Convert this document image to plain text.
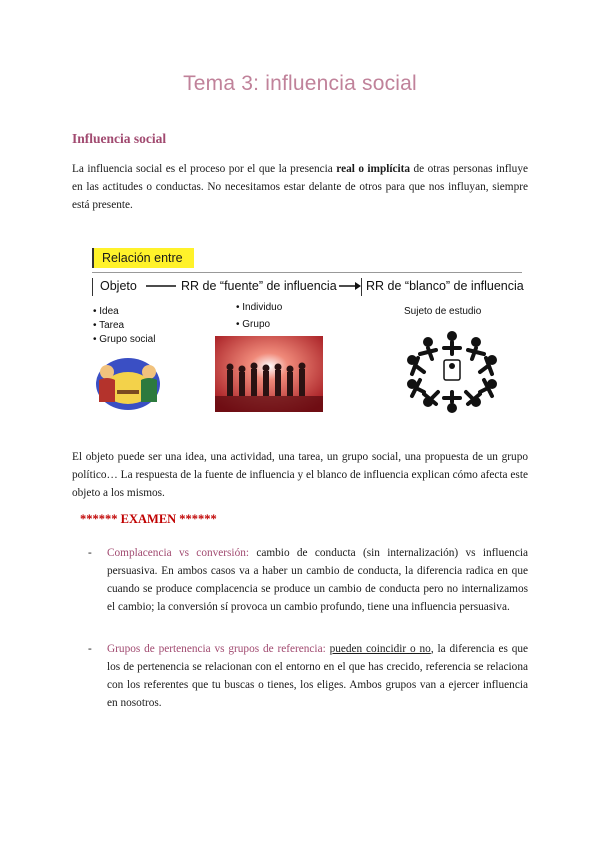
Tema 3: influencia social
Influencia social
La influencia social es el proceso por el que la presencia real o implícita de otras personas influye en las actitudes o conductas. No necesitamos estar delante de otros para que nos influyan, siempre está presente.
Relación entre
Objeto	RR de “fuente” de influencia RR de “blanco” de influencia
• Idea
• Tarea
• Grupo social
• Individuo
• Grupo
Sujeto de estudio
El objeto puede ser una idea, una actividad, una tarea, un grupo social, una propuesta de un grupo político… La respuesta de la fuente de influencia y el blanco de influencia explican cómo afecta este objeto a los mismos.
****** EXAMEN ******
- Complacencia vs conversión: cambio de conducta (sin internalización) vs influencia persuasiva. En ambos casos va a haber un cambio de conducta, la diferencia radica en que cuando se produce complacencia se produce un cambio de conducta pero no internalizamos el cambio; la conversión sí provoca un cambio profundo, tiene una influencia persuasiva.
- Grupos de pertenencia vs grupos de referencia: pueden coincidir o no, la diferencia es que los de pertenencia se relacionan con el entorno en el que has crecido, referencia se relaciona con los referentes que tu buscas o tienes, los eliges. Ambos grupos van a ejercer influencia en nosotros.
